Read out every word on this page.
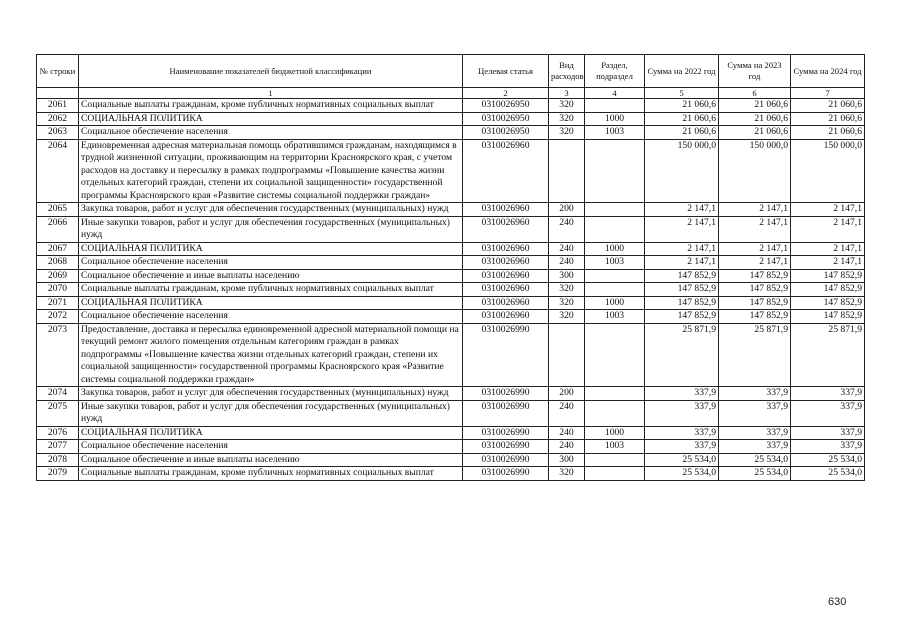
№ строки	Наименование показателей бюджетной классификации	Целевая статья	Вид расходов	Раздел, подраздел	Сумма на 2022 год	Сумма на 2023 год	Сумма на 2024 год
	1	2	3	4	5	6	7
2061	Социальные выплаты гражданам, кроме публичных нормативных социальных выплат	0310026950	320		21 060,6	21 060,6	21 060,6
2062	СОЦИАЛЬНАЯ ПОЛИТИКА	0310026950	320	1000	21 060,6	21 060,6	21 060,6
2063	Социальное обеспечение населения	0310026950	320	1003	21 060,6	21 060,6	21 060,6
2064	Единовременная адресная материальная помощь обратившимся гражданам, находящимся в трудной жизненной ситуации, проживающим на территории Красноярского края, с учетом расходов на доставку и пересылку в рамках подпрограммы «Повышение качества жизни отдельных категорий граждан, степени их социальной защищенности» государственной программы Красноярского края «Развитие системы социальной поддержки граждан»	0310026960			150 000,0	150 000,0	150 000,0
2065	Закупка товаров, работ и услуг для обеспечения государственных (муниципальных) нужд	0310026960	200		2 147,1	2 147,1	2 147,1
2066	Иные закупки товаров, работ и услуг для обеспечения государственных (муниципальных) нужд	0310026960	240		2 147,1	2 147,1	2 147,1
2067	СОЦИАЛЬНАЯ ПОЛИТИКА	0310026960	240	1000	2 147,1	2 147,1	2 147,1
2068	Социальное обеспечение населения	0310026960	240	1003	2 147,1	2 147,1	2 147,1
2069	Социальное обеспечение и иные выплаты населению	0310026960	300		147 852,9	147 852,9	147 852,9
2070	Социальные выплаты гражданам, кроме публичных нормативных социальных выплат	0310026960	320		147 852,9	147 852,9	147 852,9
2071	СОЦИАЛЬНАЯ ПОЛИТИКА	0310026960	320	1000	147 852,9	147 852,9	147 852,9
2072	Социальное обеспечение населения	0310026960	320	1003	147 852,9	147 852,9	147 852,9
2073	Предоставление, доставка и пересылка единовременной адресной материальной помощи на текущий ремонт жилого помещения отдельным категориям граждан в рамках подпрограммы «Повышение качества жизни отдельных категорий граждан, степени их социальной защищенности» государственной программы Красноярского края «Развитие системы социальной поддержки граждан»	0310026990			25 871,9	25 871,9	25 871,9
2074	Закупка товаров, работ и услуг для обеспечения государственных (муниципальных) нужд	0310026990	200		337,9	337,9	337,9
2075	Иные закупки товаров, работ и услуг для обеспечения государственных (муниципальных) нужд	0310026990	240		337,9	337,9	337,9
2076	СОЦИАЛЬНАЯ ПОЛИТИКА	0310026990	240	1000	337,9	337,9	337,9
2077	Социальное обеспечение населения	0310026990	240	1003	337,9	337,9	337,9
2078	Социальное обеспечение и иные выплаты населению	0310026990	300		25 534,0	25 534,0	25 534,0
2079	Социальные выплаты гражданам, кроме публичных нормативных социальных выплат	0310026990	320		25 534,0	25 534,0	25 534,0
630
